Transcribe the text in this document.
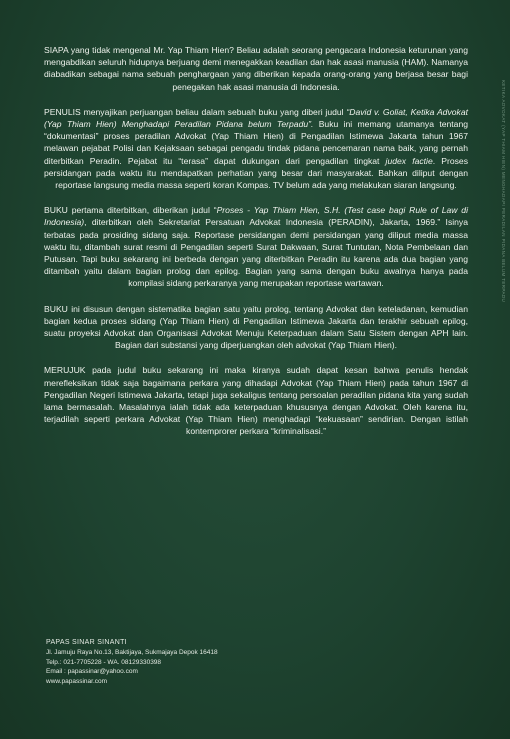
SIAPA yang tidak mengenal Mr. Yap Thiam Hien? Beliau adalah seorang pengacara Indonesia keturunan yang mengabdikan seluruh hidupnya berjuang demi menegakkan keadilan dan hak asasi manusia (HAM). Namanya diabadikan sebagai nama sebuah penghargaan yang diberikan kepada orang-orang yang berjasa besar bagi penegakan hak asasi manusia di Indonesia.

PENULIS menyajikan perjuangan beliau dalam sebuah buku yang diberi judul “David v. Goliat, Ketika Advokat (Yap Thiam Hien) Menghadapi Peradilan Pidana belum Terpadu”. Buku ini memang utamanya tentang “dokumentasi” proses peradilan Advokat (Yap Thiam Hien) di Pengadilan Istimewa Jakarta tahun 1967 melawan pejabat Polisi dan Kejaksaan sebagai pengadu tindak pidana pencemaran nama baik, yang pernah diterbitkan Peradin. Pejabat itu “terasa” dapat dukungan dari pengadilan tingkat judex factie. Proses persidangan pada waktu itu mendapatkan perhatian yang besar dari masyarakat. Bahkan diliput dengan reportase langsung media massa seperti koran Kompas. TV belum ada yang melakukan siaran langsung.

BUKU pertama diterbitkan, diberikan judul “Proses - Yap Thiam Hien, S.H. (Test case bagi Rule of Law di Indonesia), diterbitkan oleh Sekretariat Persatuan Advokat Indonesia (PERADIN), Jakarta, 1969.” Isinya terbatas pada prosiding sidang saja. Reportase persidangan demi persidangan yang diliput media massa waktu itu, ditambah surat resmi di Pengadilan seperti Surat Dakwaan, Surat Tuntutan, Nota Pembelaan dan Putusan. Tapi buku sekarang ini berbeda dengan yang diterbitkan Peradin itu karena ada dua bagian yang ditambah yaitu dalam bagian prolog dan epilog. Bagian yang sama dengan buku awalnya hanya pada kompilasi sidang perkaranya yang merupakan reportase wartawan.

BUKU ini disusun dengan sistematika bagian satu yaitu prolog, tentang Advokat dan keteladanan, kemudian bagian kedua proses sidang (Yap Thiam Hien) di Pengadilan Istimewa Jakarta dan terakhir sebuah epilog, suatu proyeksi Advokat dan Organisasi Advokat Menuju Keterpaduan dalam Satu Sistem dengan APH lain. Bagian dari substansi yang diperjuangkan oleh advokat (Yap Thiam Hien).

MERUJUK pada judul buku sekarang ini maka kiranya sudah dapat kesan bahwa penulis hendak merefleksikan tidak saja bagaimana perkara yang dihadapi Advokat (Yap Thiam Hien) pada tahun 1967 di Pengadilan Negeri Istimewa Jakarta, tetapi juga sekaligus tentang persoalan peradilan pidana kita yang sudah lama bermasalah. Masalahnya ialah tidak ada keterpaduan khususnya dengan Advokat. Oleh karena itu, terjadilah seperti perkara Advokat (Yap Thiam Hien) menghadapi “kekuasaan” sendirian. Dengan istilah kontemprorer perkara “kriminalisasi.”

KETIKA ADVOKAT (YAP THIAM HIEN) MENGHADAPI PERADILAN PIDANA BELUM TERPADU
PAPAS SINAR SINANTI
Jl. Jamuju Raya No.13, Baktijaya, Sukmajaya Depok 16418
Telp.: 021-7705228 - WA. 08129330398
Email : papassinar@yahoo.com
www.papassinar.com
